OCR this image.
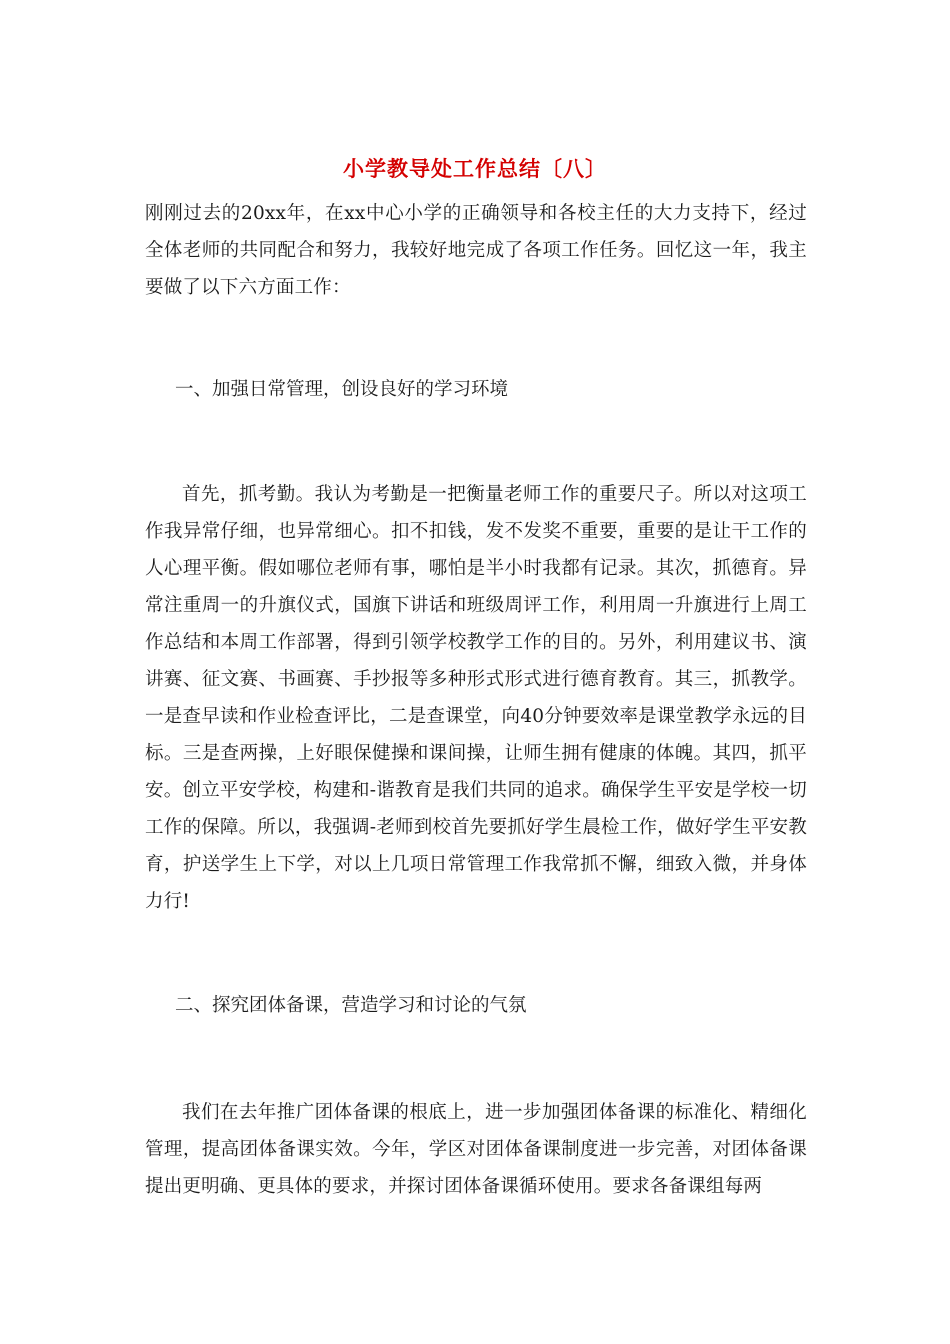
小学教导处工作总结〔八〕
刚刚过去的20xx年，在xx中心小学的正确领导和各校主任的大力支持下，经过全体老师的共同配合和努力，我较好地完成了各项工作任务。回忆这一年，我主要做了以下六方面工作：
一、加强日常管理，创设良好的学习环境
首先，抓考勤。我认为考勤是一把衡量老师工作的重要尺子。所以对这项工作我异常仔细，也异常细心。扣不扣钱，发不发奖不重要，重要的是让干工作的人心理平衡。假如哪位老师有事，哪怕是半小时我都有记录。其次，抓德育。异常注重周一的升旗仪式，国旗下讲话和班级周评工作，利用周一升旗进行上周工作总结和本周工作部署，得到引领学校教学工作的目的。另外，利用建议书、演讲赛、征文赛、书画赛、手抄报等多种形式形式进行德育教育。其三，抓教学。一是查早读和作业检查评比，二是查课堂，向40分钟要效率是课堂教学永远的目标。三是查两操，上好眼保健操和课间操，让师生拥有健康的体魄。其四，抓平安。创立平安学校，构建和-谐教育是我们共同的追求。确保学生平安是学校一切工作的保障。所以，我强调-老师到校首先要抓好学生晨检工作，做好学生平安教育，护送学生上下学，对以上几项日常管理工作我常抓不懈，细致入微，并身体力行!
二、探究团体备课，营造学习和讨论的气氛
我们在去年推广团体备课的根底上，进一步加强团体备课的标准化、精细化管理，提高团体备课实效。今年，学区对团体备课制度进一步完善，对团体备课提出更明确、更具体的要求，并探讨团体备课循环使用。要求各备课组每两
